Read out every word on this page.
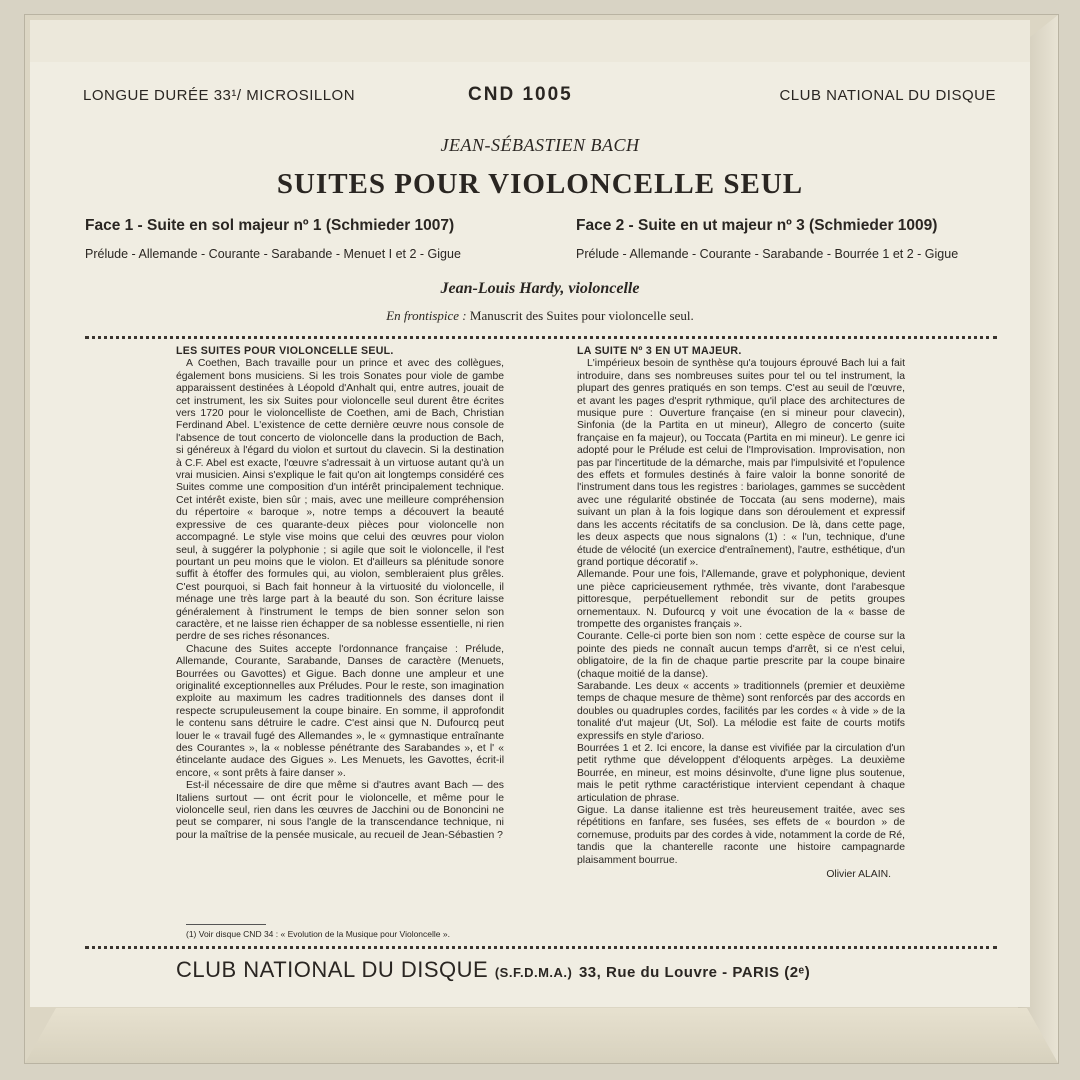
LONGUE DURÉE 33¹/ MICROSILLON	CND 1005	CLUB NATIONAL DU DISQUE
JEAN-SÉBASTIEN BACH
SUITES POUR VIOLONCELLE SEUL
Face 1 - Suite en sol majeur nº 1 (Schmieder 1007)	Face 2 - Suite en ut majeur nº 3 (Schmieder 1009)
Prélude - Allemande - Courante - Sarabande - Menuet I et 2 - Gigue	Prélude - Allemande - Courante - Sarabande - Bourrée 1 et 2 - Gigue
Jean-Louis Hardy, violoncelle
En frontispice : Manuscrit des Suites pour violoncelle seul.
LES SUITES POUR VIOLONCELLE SEUL.

A Coethen, Bach travaille pour un prince et avec des collègues, également bons musiciens. Si les trois Sonates pour viole de gambe apparaissent destinées à Léopold d'Anhalt qui, entre autres, jouait de cet instrument, les six Suites pour violoncelle seul durent être écrites vers 1720 pour le violoncelliste de Coethen, ami de Bach, Christian Ferdinand Abel. L'existence de cette dernière œuvre nous console de l'absence de tout concerto de violoncelle dans la production de Bach, si généreux à l'égard du violon et surtout du clavecin. Si la destination à C.F. Abel est exacte, l'œuvre s'adressait à un virtuose autant qu'à un vrai musicien. Ainsi s'explique le fait qu'on ait longtemps considéré ces Suites comme une composition d'un intérêt principalement technique. Cet intérêt existe, bien sûr ; mais, avec une meilleure compréhension du répertoire « baroque », notre temps a découvert la beauté expressive de ces quarante-deux pièces pour violoncelle non accompagné. Le style vise moins que celui des œuvres pour violon seul, à suggérer la polyphonie ; si agile que soit le violoncelle, il l'est pourtant un peu moins que le violon. Et d'ailleurs sa plénitude sonore suffit à étoffer des formules qui, au violon, sembleraient plus grêles. C'est pourquoi, si Bach fait honneur à la virtuosité du violoncelle, il ménage une très large part à la beauté du son. Son écriture laisse généralement à l'instrument le temps de bien sonner selon son caractère, et ne laisse rien échapper de sa noblesse essentielle, ni rien perdre de ses riches résonances.

Chacune des Suites accepte l'ordonnance française : Prélude, Allemande, Courante, Sarabande, Danses de caractère (Menuets, Bourrées ou Gavottes) et Gigue. Bach donne une ampleur et une originalité exceptionnelles aux Préludes. Pour le reste, son imagination exploite au maximum les cadres traditionnels des danses dont il respecte scrupuleusement la coupe binaire. En somme, il approfondit le contenu sans détruire le cadre. C'est ainsi que N. Dufourcq peut louer le « travail fugé des Allemandes », le « gymnastique entraînante des Courantes », la « noblesse pénétrante des Sarabandes », et l' « étincelante audace des Gigues ». Les Menuets, les Gavottes, écrit-il encore, « sont prêts à faire danser ».

Est-il nécessaire de dire que même si d'autres avant Bach — des Italiens surtout — ont écrit pour le violoncelle, et même pour le violoncelle seul, rien dans les œuvres de Jacchini ou de Bononcini ne peut se comparer, ni sous l'angle de la transcendance technique, ni pour la maîtrise de la pensée musicale, au recueil de Jean-Sébastien ?

LA SUITE Nº 3 EN UT MAJEUR.

L'impérieux besoin de synthèse qu'a toujours éprouvé Bach lui a fait introduire, dans ses nombreuses suites pour tel ou tel instrument, la plupart des genres pratiqués en son temps. C'est au seuil de l'œuvre, et avant les pages d'esprit rythmique, qu'il place des architectures de musique pure : Ouverture française (en si mineur pour clavecin), Sinfonia (de la Partita en ut mineur), Allegro de concerto (suite française en fa majeur), ou Toccata (Partita en mi mineur). Le genre ici adopté pour le Prélude est celui de l'Improvisation. Improvisation, non pas par l'incertitude de la démarche, mais par l'impulsivité et l'opulence des effets et formules destinés à faire valoir la bonne sonorité de l'instrument dans tous les registres : bariolages, gammes se succèdent avec une régularité obstinée de Toccata (au sens moderne), mais suivant un plan à la fois logique dans son déroulement et expressif dans les accents récitatifs de sa conclusion. De là, dans cette page, les deux aspects que nous signalons (1) : « l'un, technique, d'une étude de vélocité (un exercice d'entraînement), l'autre, esthétique, d'un grand portique décoratif ».

Allemande. Pour une fois, l'Allemande, grave et polyphonique, devient une pièce capricieusement rythmée, très vivante, dont l'arabesque pittoresque, perpétuellement rebondit sur de petits groupes ornementaux. N. Dufourcq y voit une évocation de la « basse de trompette des organistes français ».

Courante. Celle-ci porte bien son nom : cette espèce de course sur la pointe des pieds ne connaît aucun temps d'arrêt, si ce n'est celui, obligatoire, de la fin de chaque partie prescrite par la coupe binaire (chaque moitié de la danse).

Sarabande. Les deux « accents » traditionnels (premier et deuxième temps de chaque mesure de thème) sont renforcés par des accords en doubles ou quadruples cordes, facilités par les cordes « à vide » de la tonalité d'ut majeur (Ut, Sol). La mélodie est faite de courts motifs expressifs en style d'arioso.

Bourrées 1 et 2. Ici encore, la danse est vivifiée par la circulation d'un petit rythme que développent d'éloquents arpèges. La deuxième Bourrée, en mineur, est moins désinvolte, d'une ligne plus soutenue, mais le petit rythme caractéristique intervient cependant à chaque articulation de phrase.

Gigue. La danse italienne est très heureusement traitée, avec ses répétitions en fanfare, ses fusées, ses effets de « bourdon » de cornemuse, produits par des cordes à vide, notamment la corde de Ré, tandis que la chanterelle raconte une histoire campagnarde plaisamment bourrue.

Olivier ALAIN.
(1) Voir disque CND 34 : « Evolution de la Musique pour Violoncelle ».
CLUB NATIONAL DU DISQUE (S.F.D.M.A.) 33, Rue du Louvre - PARIS (2ᵉ)
